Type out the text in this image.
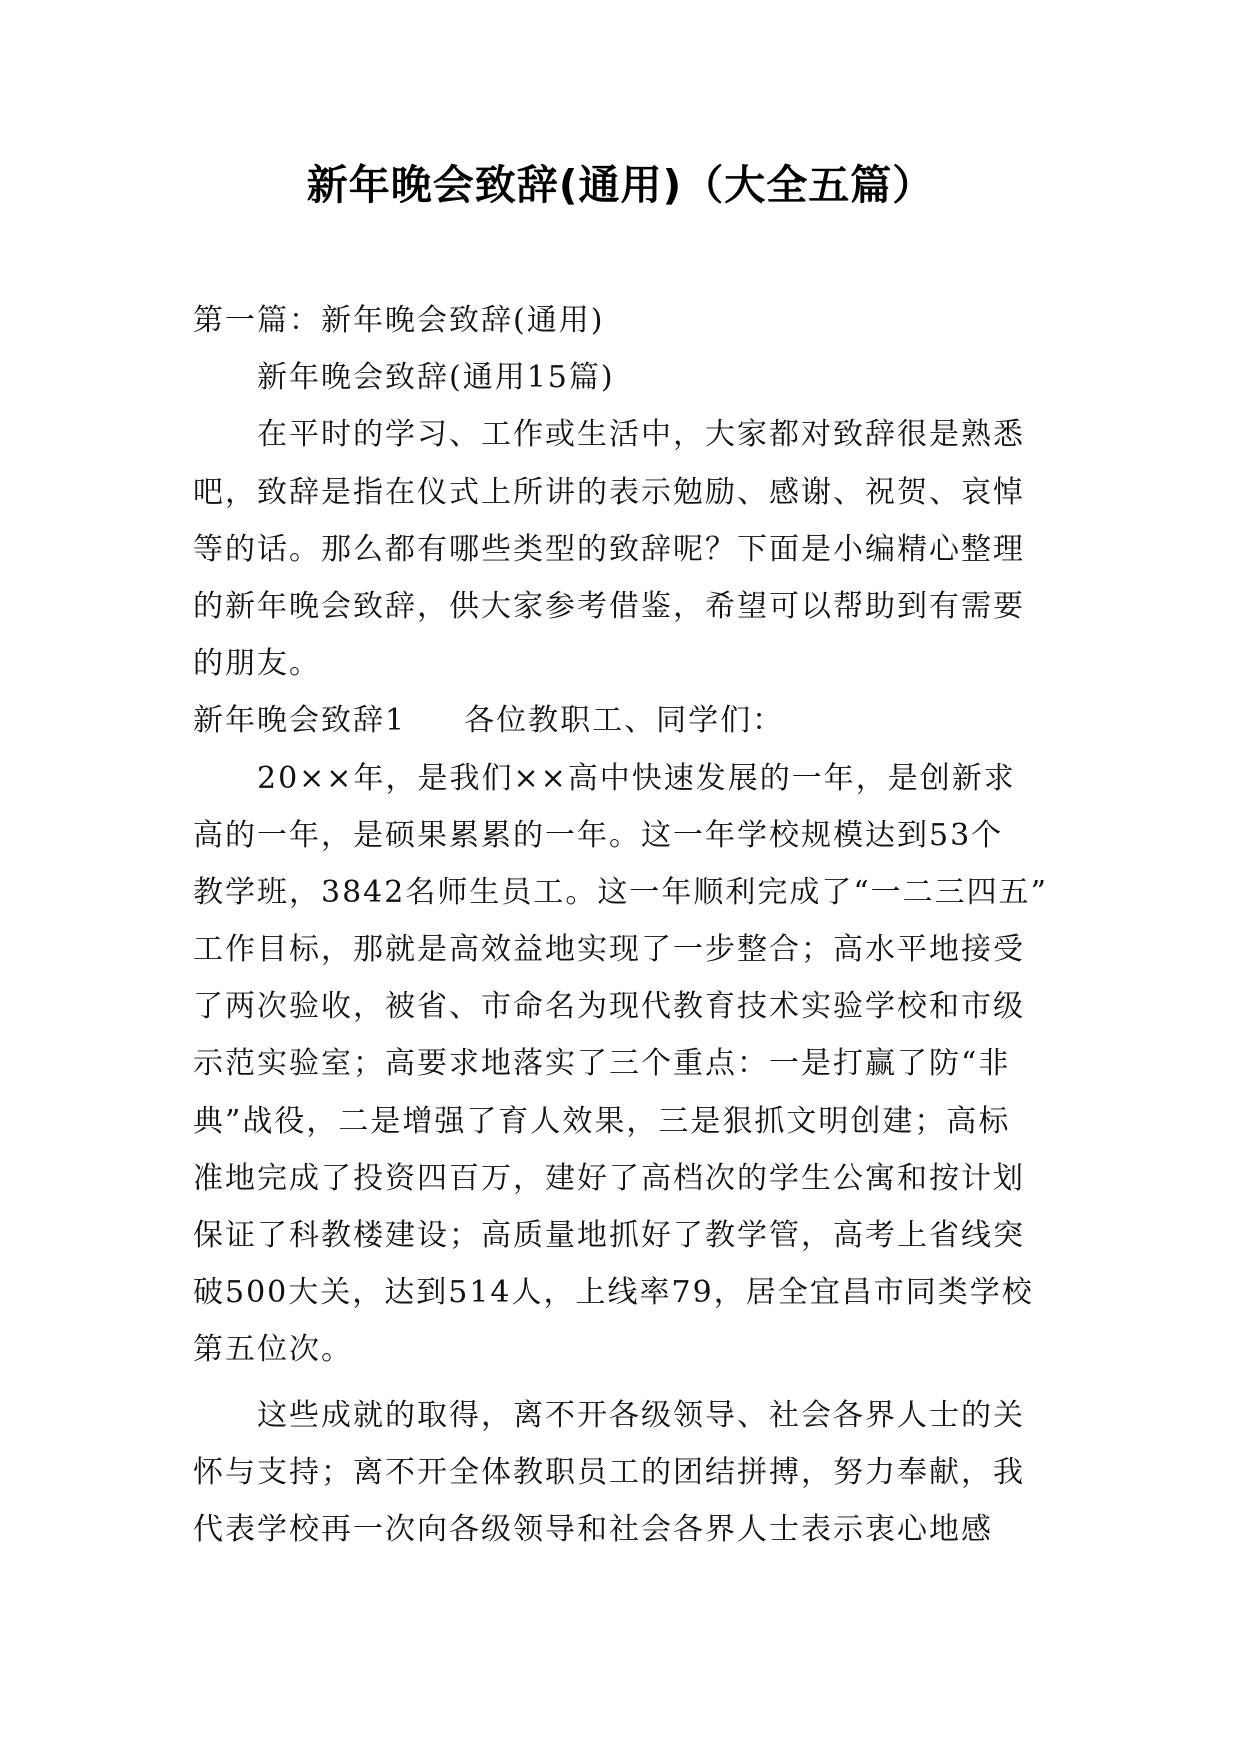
新年晚会致辞(通用)（大全五篇）
第一篇：新年晚会致辞(通用)
新年晚会致辞(通用15篇)
在平时的学习、工作或生活中，大家都对致辞很是熟悉
吧，致辞是指在仪式上所讲的表示勉励、感谢、祝贺、哀悼
等的话。那么都有哪些类型的致辞呢？下面是小编精心整理
的新年晚会致辞，供大家参考借鉴，希望可以帮助到有需要
的朋友。
新年晚会致辞1 各位教职工、同学们：
20××年，是我们××高中快速发展的一年，是创新求
高的一年，是硕果累累的一年。这一年学校规模达到53个
教学班，3842名师生员工。这一年顺利完成了“一二三四五”
工作目标，那就是高效益地实现了一步整合；高水平地接受
了两次验收，被省、市命名为现代教育技术实验学校和市级
示范实验室；高要求地落实了三个重点：一是打赢了防“非
典”战役，二是增强了育人效果，三是狠抓文明创建；高标
准地完成了投资四百万，建好了高档次的学生公寓和按计划
保证了科教楼建设；高质量地抓好了教学管，高考上省线突
破500大关，达到514人，上线率79，居全宜昌市同类学校
第五位次。
这些成就的取得，离不开各级领导、社会各界人士的关
怀与支持；离不开全体教职员工的团结拼搏，努力奉献，我
代表学校再一次向各级领导和社会各界人士表示衷心地感
